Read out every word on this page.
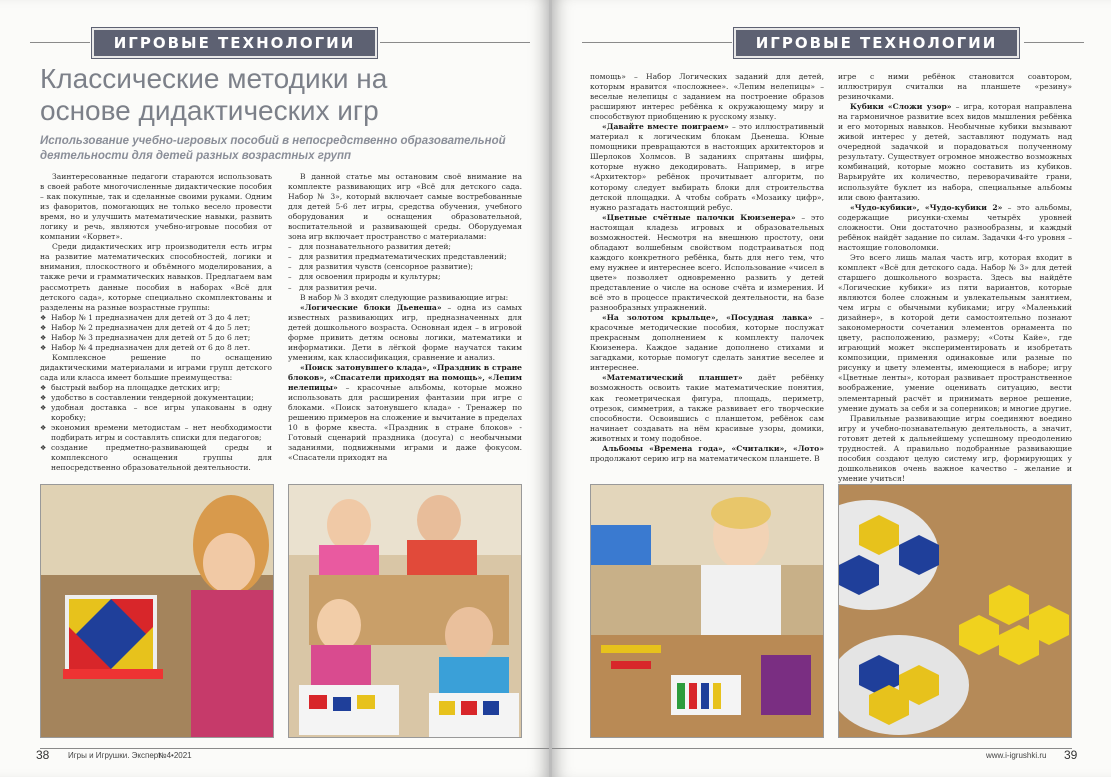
ИГРОВЫЕ ТЕХНОЛОГИИ
Классические методики на основе дидактических игр
Использование учебно-игровых пособий в непосредственно образовательной деятельности для детей разных возрастных групп

Заинтересованные педагоги стараются использовать в своей работе многочисленные дидактические пособия – как покупные, так и сделанные своими руками. Одним из фаворитов, помогающих не только весело провести время, но и улучшить математические навыки, развить логику и речь, являются учебно-игровые пособия от компании «Корвет».

Среди дидактических игр производителя есть игры на развитие математических способностей, логики и внимания, плоскостного и объёмного моделирования, а также речи и грамматических навыков. Предлагаем вам рассмотреть данные пособия в наборах «Всё для детского сада», которые специально скомплектованы и разделены на разные возрастные группы:

❖ Набор № 1 предназначен для детей от 3 до 4 лет;
❖ Набор № 2 предназначен для детей от 4 до 5 лет;
❖ Набор № 3 предназначен для детей от 5 до 6 лет;
❖ Набор № 4 предназначен для детей от 6 до 8 лет.

Комплексное решение по оснащению дидактическими материалами и играми групп детского сада или класса имеет большие преимущества:

❖ быстрый выбор на площадке детских игр;
❖ удобство в составлении тендерной документации;
❖ удобная доставка – все игры упакованы в одну коробку;
❖ экономия времени методистам – нет необходимости подбирать игры и составлять списки для педагогов;
❖ создание предметно-развивающей среды и комплексного оснащения группы для непосредственно образовательной деятельности.

В данной статье мы остановим своё внимание на комплекте развивающих игр «Всё для детского сада. Набор № 3», который включает самые востребованные для детей 5-6 лет игры, средства обучения, учебного оборудования и оснащения образовательной, воспитательной и развивающей среды. Оборудуемая зона игр включает пространство с материалами:

– для познавательного развития детей;
– для развития предматематических представлений;
– для развития чувств (сенсорное развитие);
– для освоения природы и культуры;
– для развития речи.

В набор № 3 входят следующие развивающие игры:

«Логические блоки Дьенеша» – одна из самых известных развивающих игр, предназначенных для детей дошкольного возраста. Основная идея – в игровой форме привить детям основы логики, математики и информатики. Дети в лёгкой форме научатся таким умениям, как классификация, сравнение и анализ.

«Поиск затонувшего клада», «Праздник в стране блоков», «Спасатели приходят на помощь», «Лепим нелепицы» – красочные альбомы, которые можно использовать для расширения фантазии при игре с блоками. «Поиск затонувшего клада» - Тренажер по решению примеров на сложение и вычитание в пределах 10 в форме квеста. «Праздник в стране блоков» - Готовый сценарий праздника (досуга) с необычными заданиями, подвижными играми и даже фокусом. «Спасатели приходят на

38 Игры и Игрушки. Эксперт
№4•2021
ИГРОВЫЕ ТЕХНОЛОГИИ

помощь» – Набор Логических заданий для детей, которым нравится «посложнее». «Лепим нелепицы» – веселые нелепицы с заданием на построение образов расширяют интерес ребёнка к окружающему миру и способствуют приобщению к русскому языку.

«Давайте вместе поиграем» – это иллюстративный материал к логическим блокам Дьенеша. Юные помощники превращаются в настоящих архитекторов и Шерлоков Холмсов. В заданиях спрятаны шифры, которые нужно декодировать. Например, в игре «Архитектор» ребёнок прочитывает алгоритм, по которому следует выбирать блоки для строительства детской площадки. А чтобы собрать «Мозаику цифр», нужно разгадать настоящий ребус.

«Цветные счётные палочки Кюизенера» – это настоящая кладезь игровых и образовательных возможностей. Несмотря на внешнюю простоту, они обладают волшебным свойством подстраиваться под каждого конкретного ребёнка, быть для него тем, что ему нужнее и интереснее всего. Использование «чисел в цвете» позволяет одновременно развить у детей представление о числе на основе счёта и измерения. И всё это в процессе практической деятельности, на базе разнообразных упражнений.

«На золотом крыльце», «Посудная лавка» – красочные методические пособия, которые послужат прекрасным дополнением к комплекту палочек Кюизенера. Каждое задание дополнено стихами и загадками, которые помогут сделать занятие веселее и интереснее.

«Математический планшет» даёт ребёнку возможность освоить такие математические понятия, как геометрическая фигура, площадь, периметр, отрезок, симметрия, а также развивает его творческие способности. Освоившись с планшетом, ребёнок сам начинает создавать на нём красивые узоры, домики, животных и тому подобное.

Альбомы «Времена года», «Считалки», «Лото» продолжают серию игр на математическом планшете. В

игре с ними ребёнок становится соавтором, иллюстрируя считалки на планшете «резину» резиночками.

Кубики «Сложи узор» – игра, которая направлена на гармоничное развитие всех видов мышления ребёнка и его моторных навыков. Необычные кубики вызывают живой интерес у детей, заставляют подумать над очередной задачкой и порадоваться полученному результату. Существует огромное множество возможных комбинаций, которые можно составить из кубиков. Варьируйте их количество, переворачивайте грани, используйте буклет из набора, специальные альбомы или свою фантазию.

«Чудо-кубики», «Чудо-кубики 2» – это альбомы, содержащие рисунки-схемы четырёх уровней сложности. Они достаточно разнообразны, и каждый ребёнок найдёт задание по силам. Задачки 4-го уровня – настоящие головоломки.

Это всего лишь малая часть игр, которая входит в комплект «Всё для детского сада. Набор № 3» для детей старшего дошкольного возраста. Здесь вы найдёте «Логические кубики» из пяти вариантов, которые являются более сложным и увлекательным занятием, чем игры с обычными кубиками; игру «Маленький дизайнер», в которой дети самостоятельно познают закономерности сочетания элементов орнамента по цвету, расположению, размеру; «Соты Кайе», где играющий может экспериментировать и изобретать композиции, применяя одинаковые или разные по рисунку и цвету элементы, имеющиеся в наборе; игру «Цветные ленты», которая развивает пространственное воображение, умение оценивать ситуацию, вести элементарный расчёт и принимать верное решение, умение думать за себя и за соперников; и многие другие.

Правильные развивающие игры соединяют воедино игру и учебно-познавательную деятельность, а значит, готовят детей к дальнейшему успешному преодолению трудностей. А правильно подобранные развивающие пособия создают целую систему игр, формирующих у дошкольников очень важное качество – желание и умение учиться!

www.i-igrushki.ru 39
